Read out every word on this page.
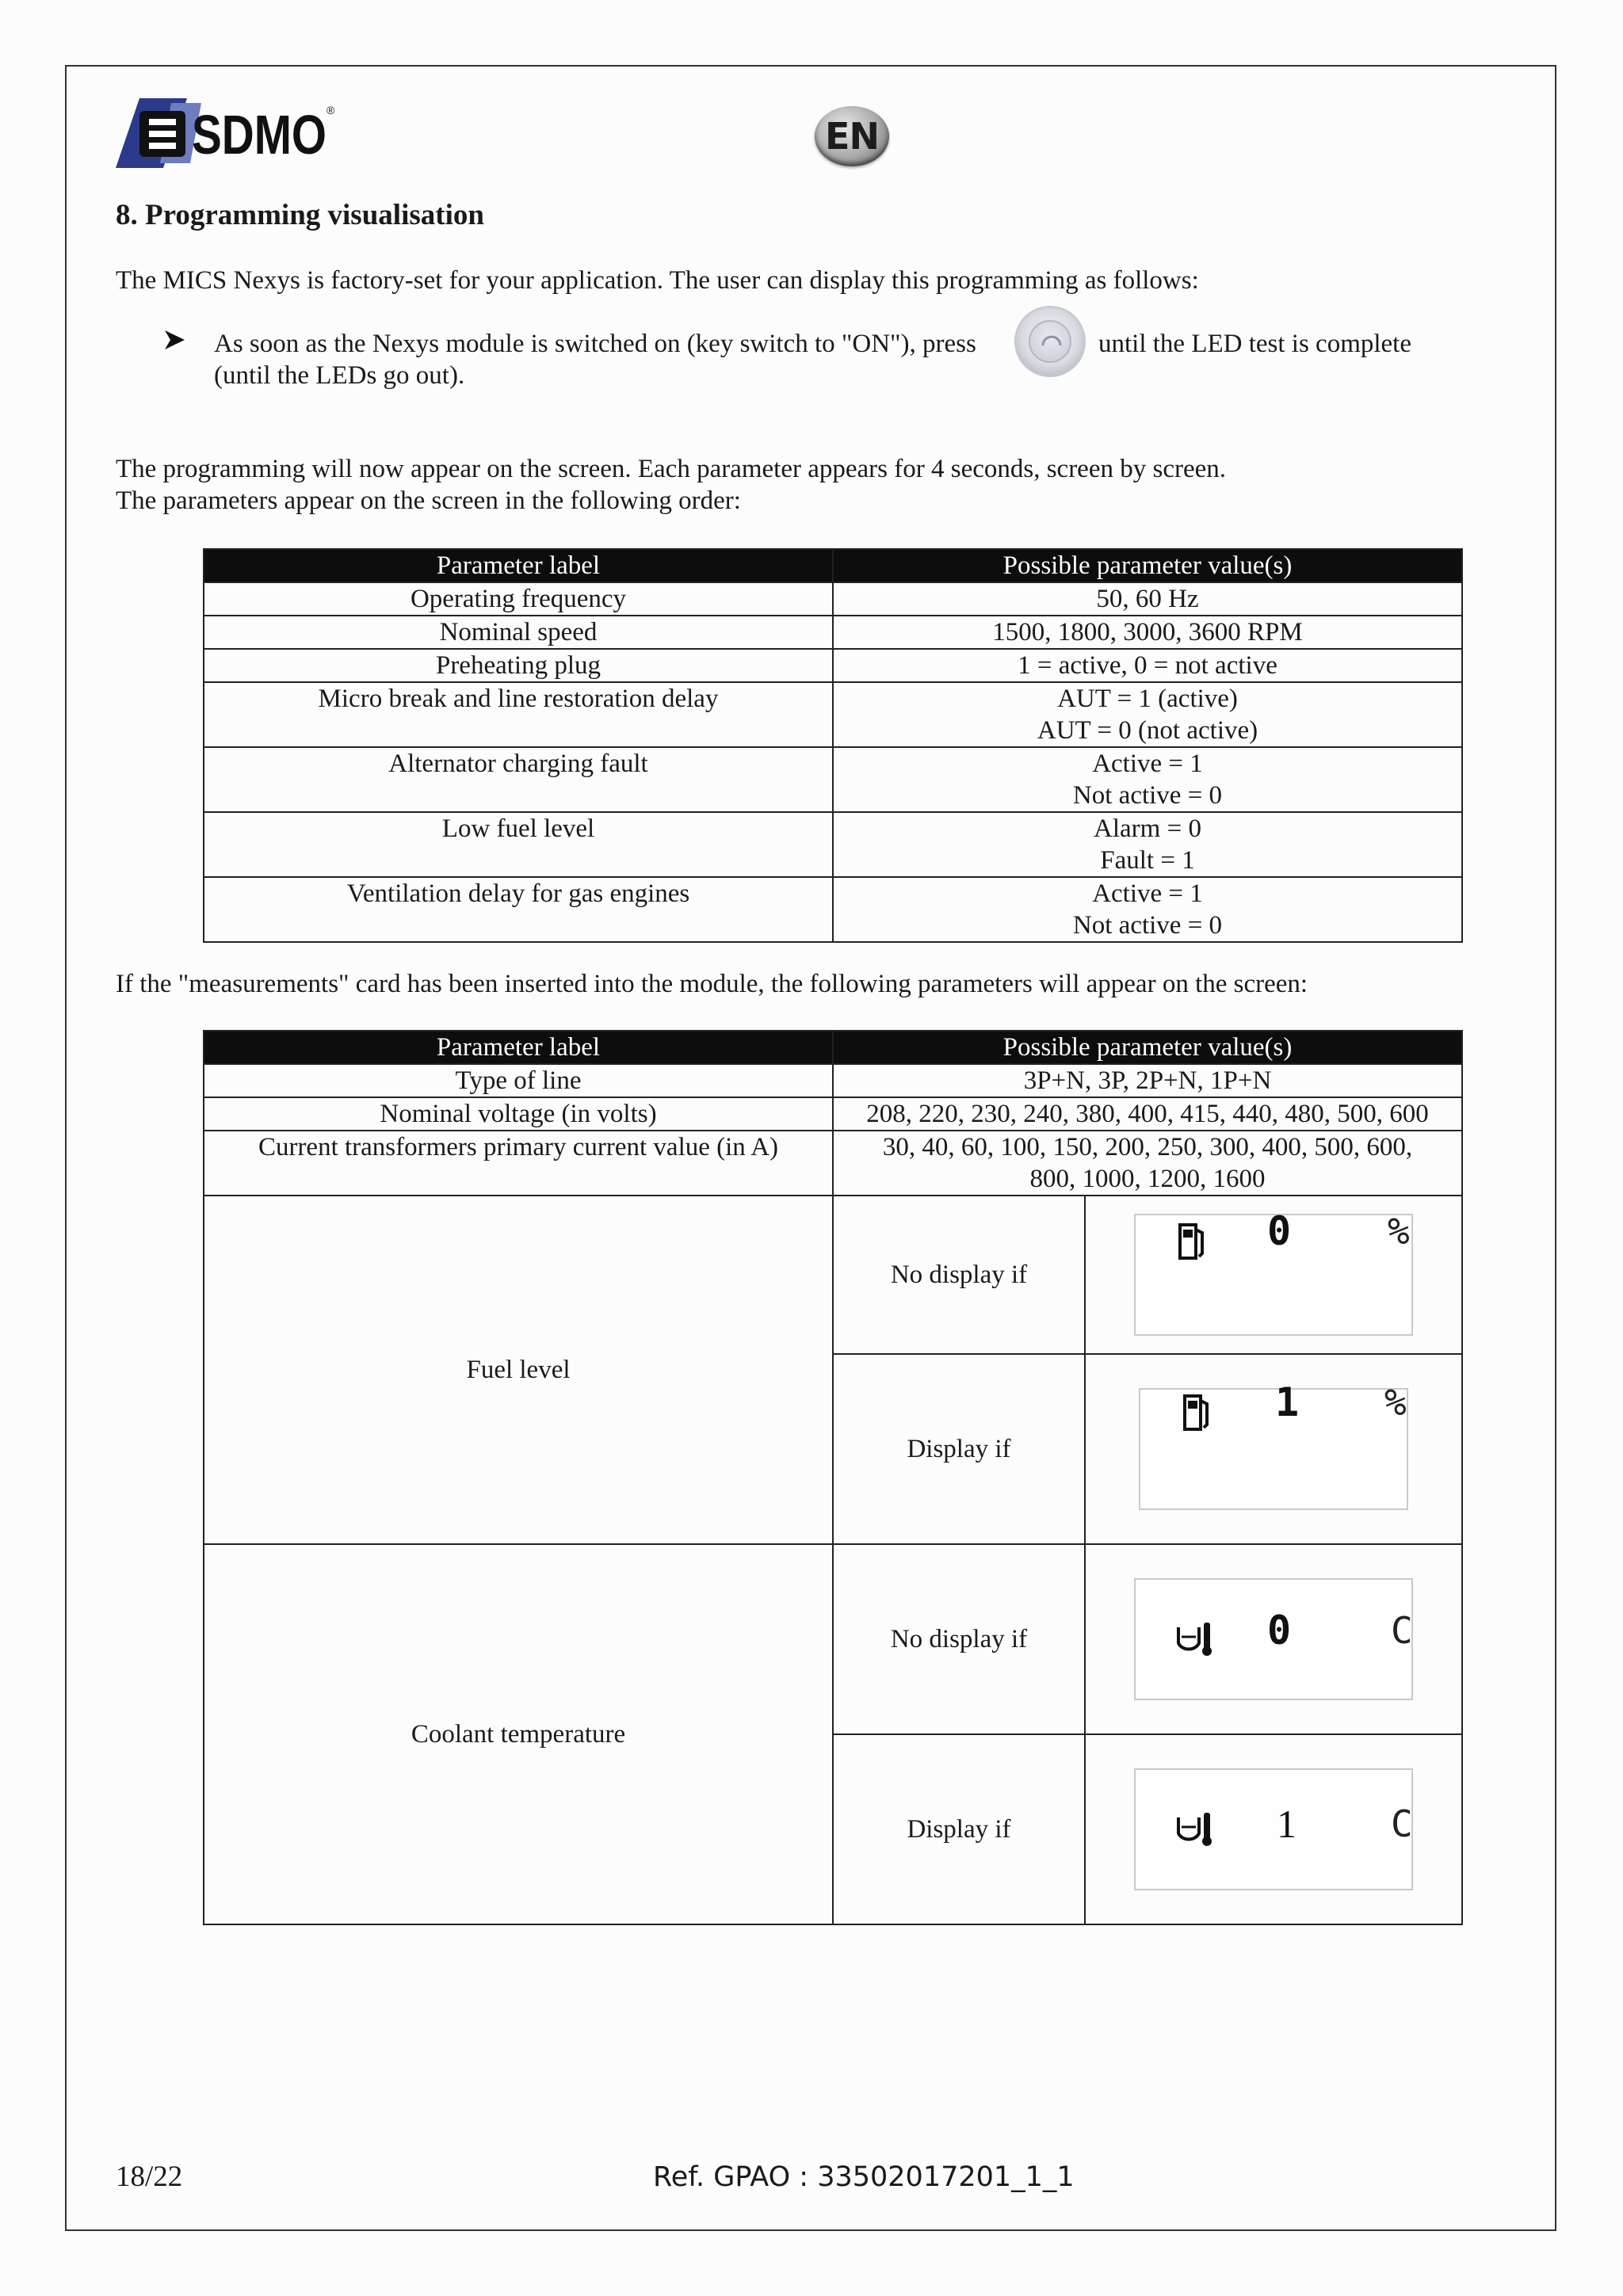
SDMO ®
EN
8. Programming visualisation
The MICS Nexys is factory-set for your application. The user can display this programming as follows:
As soon as the Nexys module is switched on (key switch to "ON"), press	until the LED test is complete
(until the LEDs go out).
The programming will now appear on the screen. Each parameter appears for 4 seconds, screen by screen.
The parameters appear on the screen in the following order:
Parameter label	Possible parameter value(s)
Operating frequency	50, 60 Hz
Nominal speed	1500, 1800, 3000, 3600 RPM
Preheating plug	1 = active, 0 = not active
Micro break and line restoration delay	AUT = 1 (active)
AUT = 0 (not active)

Alternator charging fault	Active = 1
Not active = 0

Low fuel level	Alarm = 0
Fault = 1

Ventilation delay for gas engines	Active = 1
Not active = 0
If the "measurements" card has been inserted into the module, the following parameters will appear on the screen:
Parameter label	Possible parameter value(s)	
Type of line	3P+N, 3P, 2P+N, 1P+N	
Nominal voltage (in volts)	208, 220, 230, 240, 380, 400, 415, 440, 480, 500, 600	
Current transformers primary current value (in A)	30, 40, 60, 100, 150, 200, 250, 300, 400, 500, 600,
800, 1000, 1200, 1600	

Fuel level	No display if	0 %

	Display if	1 %

Coolant temperature	No display if	0 C

	Display if	1 C
18/22	Ref. GPAO : 33502017201_1_1
